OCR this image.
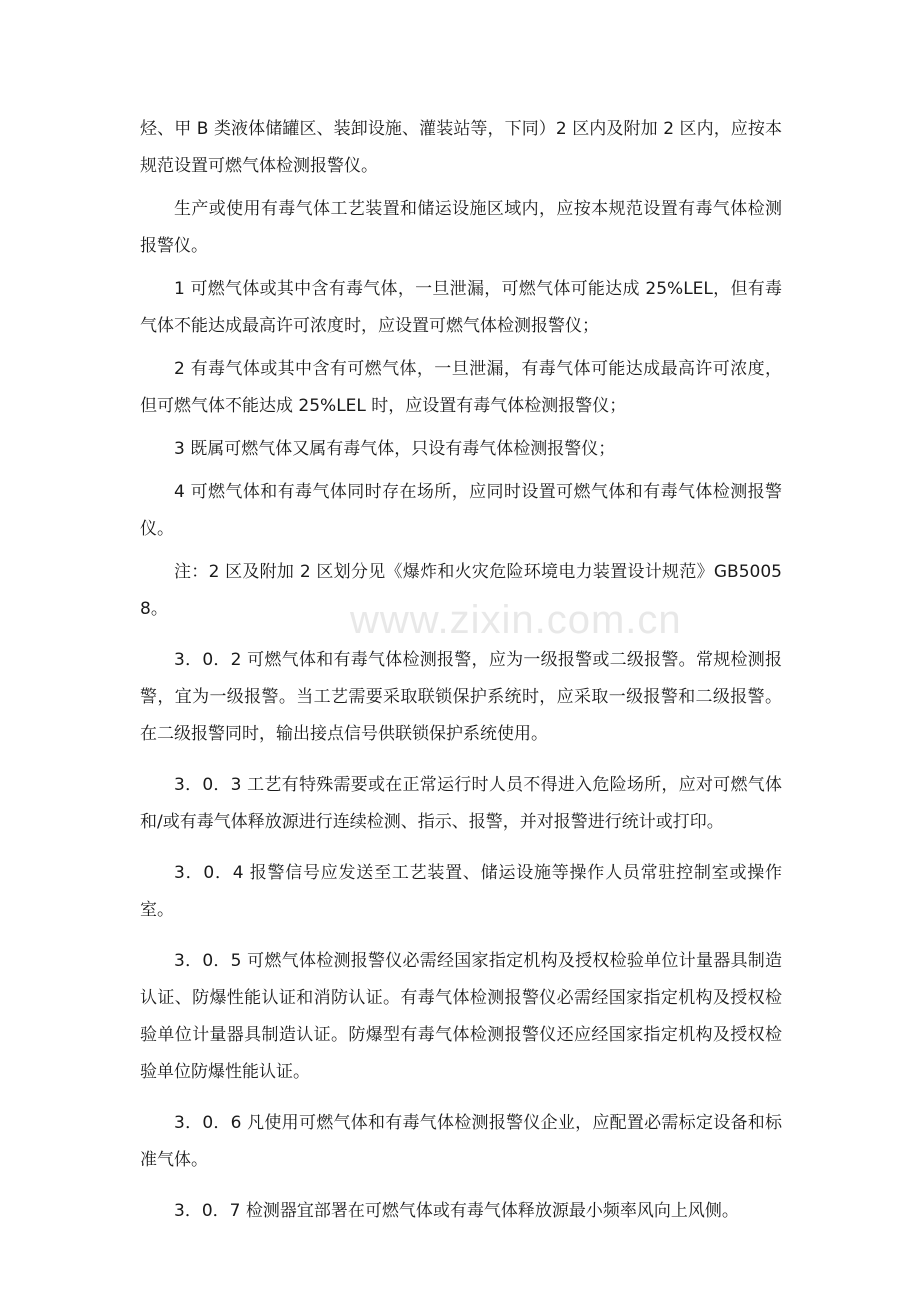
www.zixin.com.cn

烃、甲 B 类液体储罐区、装卸设施、灌装站等，下同）2 区内及附加 2 区内，应按本规范设置可燃气体检测报警仪。

生产或使用有毒气体工艺装置和储运设施区域内，应按本规范设置有毒气体检测报警仪。

1 可燃气体或其中含有毒气体，一旦泄漏，可燃气体可能达成 25%LEL，但有毒气体不能达成最高许可浓度时，应设置可燃气体检测报警仪；

2 有毒气体或其中含有可燃气体，一旦泄漏，有毒气体可能达成最高许可浓度，但可燃气体不能达成 25%LEL 时，应设置有毒气体检测报警仪；

3 既属可燃气体又属有毒气体，只设有毒气体检测报警仪；

4 可燃气体和有毒气体同时存在场所，应同时设置可燃气体和有毒气体检测报警仪。

注：2 区及附加 2 区划分见《爆炸和火灾危险环境电力装置设计规范》GB50058。

3．0．2 可燃气体和有毒气体检测报警，应为一级报警或二级报警。常规检测报警，宜为一级报警。当工艺需要采取联锁保护系统时，应采取一级报警和二级报警。在二级报警同时，输出接点信号供联锁保护系统使用。

3．0．3 工艺有特殊需要或在正常运行时人员不得进入危险场所，应对可燃气体和/或有毒气体释放源进行连续检测、指示、报警，并对报警进行统计或打印。

3．0．4 报警信号应发送至工艺装置、储运设施等操作人员常驻控制室或操作室。

3．0．5 可燃气体检测报警仪必需经国家指定机构及授权检验单位计量器具制造认证、防爆性能认证和消防认证。有毒气体检测报警仪必需经国家指定机构及授权检验单位计量器具制造认证。防爆型有毒气体检测报警仪还应经国家指定机构及授权检验单位防爆性能认证。

3．0．6 凡使用可燃气体和有毒气体检测报警仪企业，应配置必需标定设备和标准气体。

3．0．7 检测器宜部署在可燃气体或有毒气体释放源最小频率风向上风侧。
